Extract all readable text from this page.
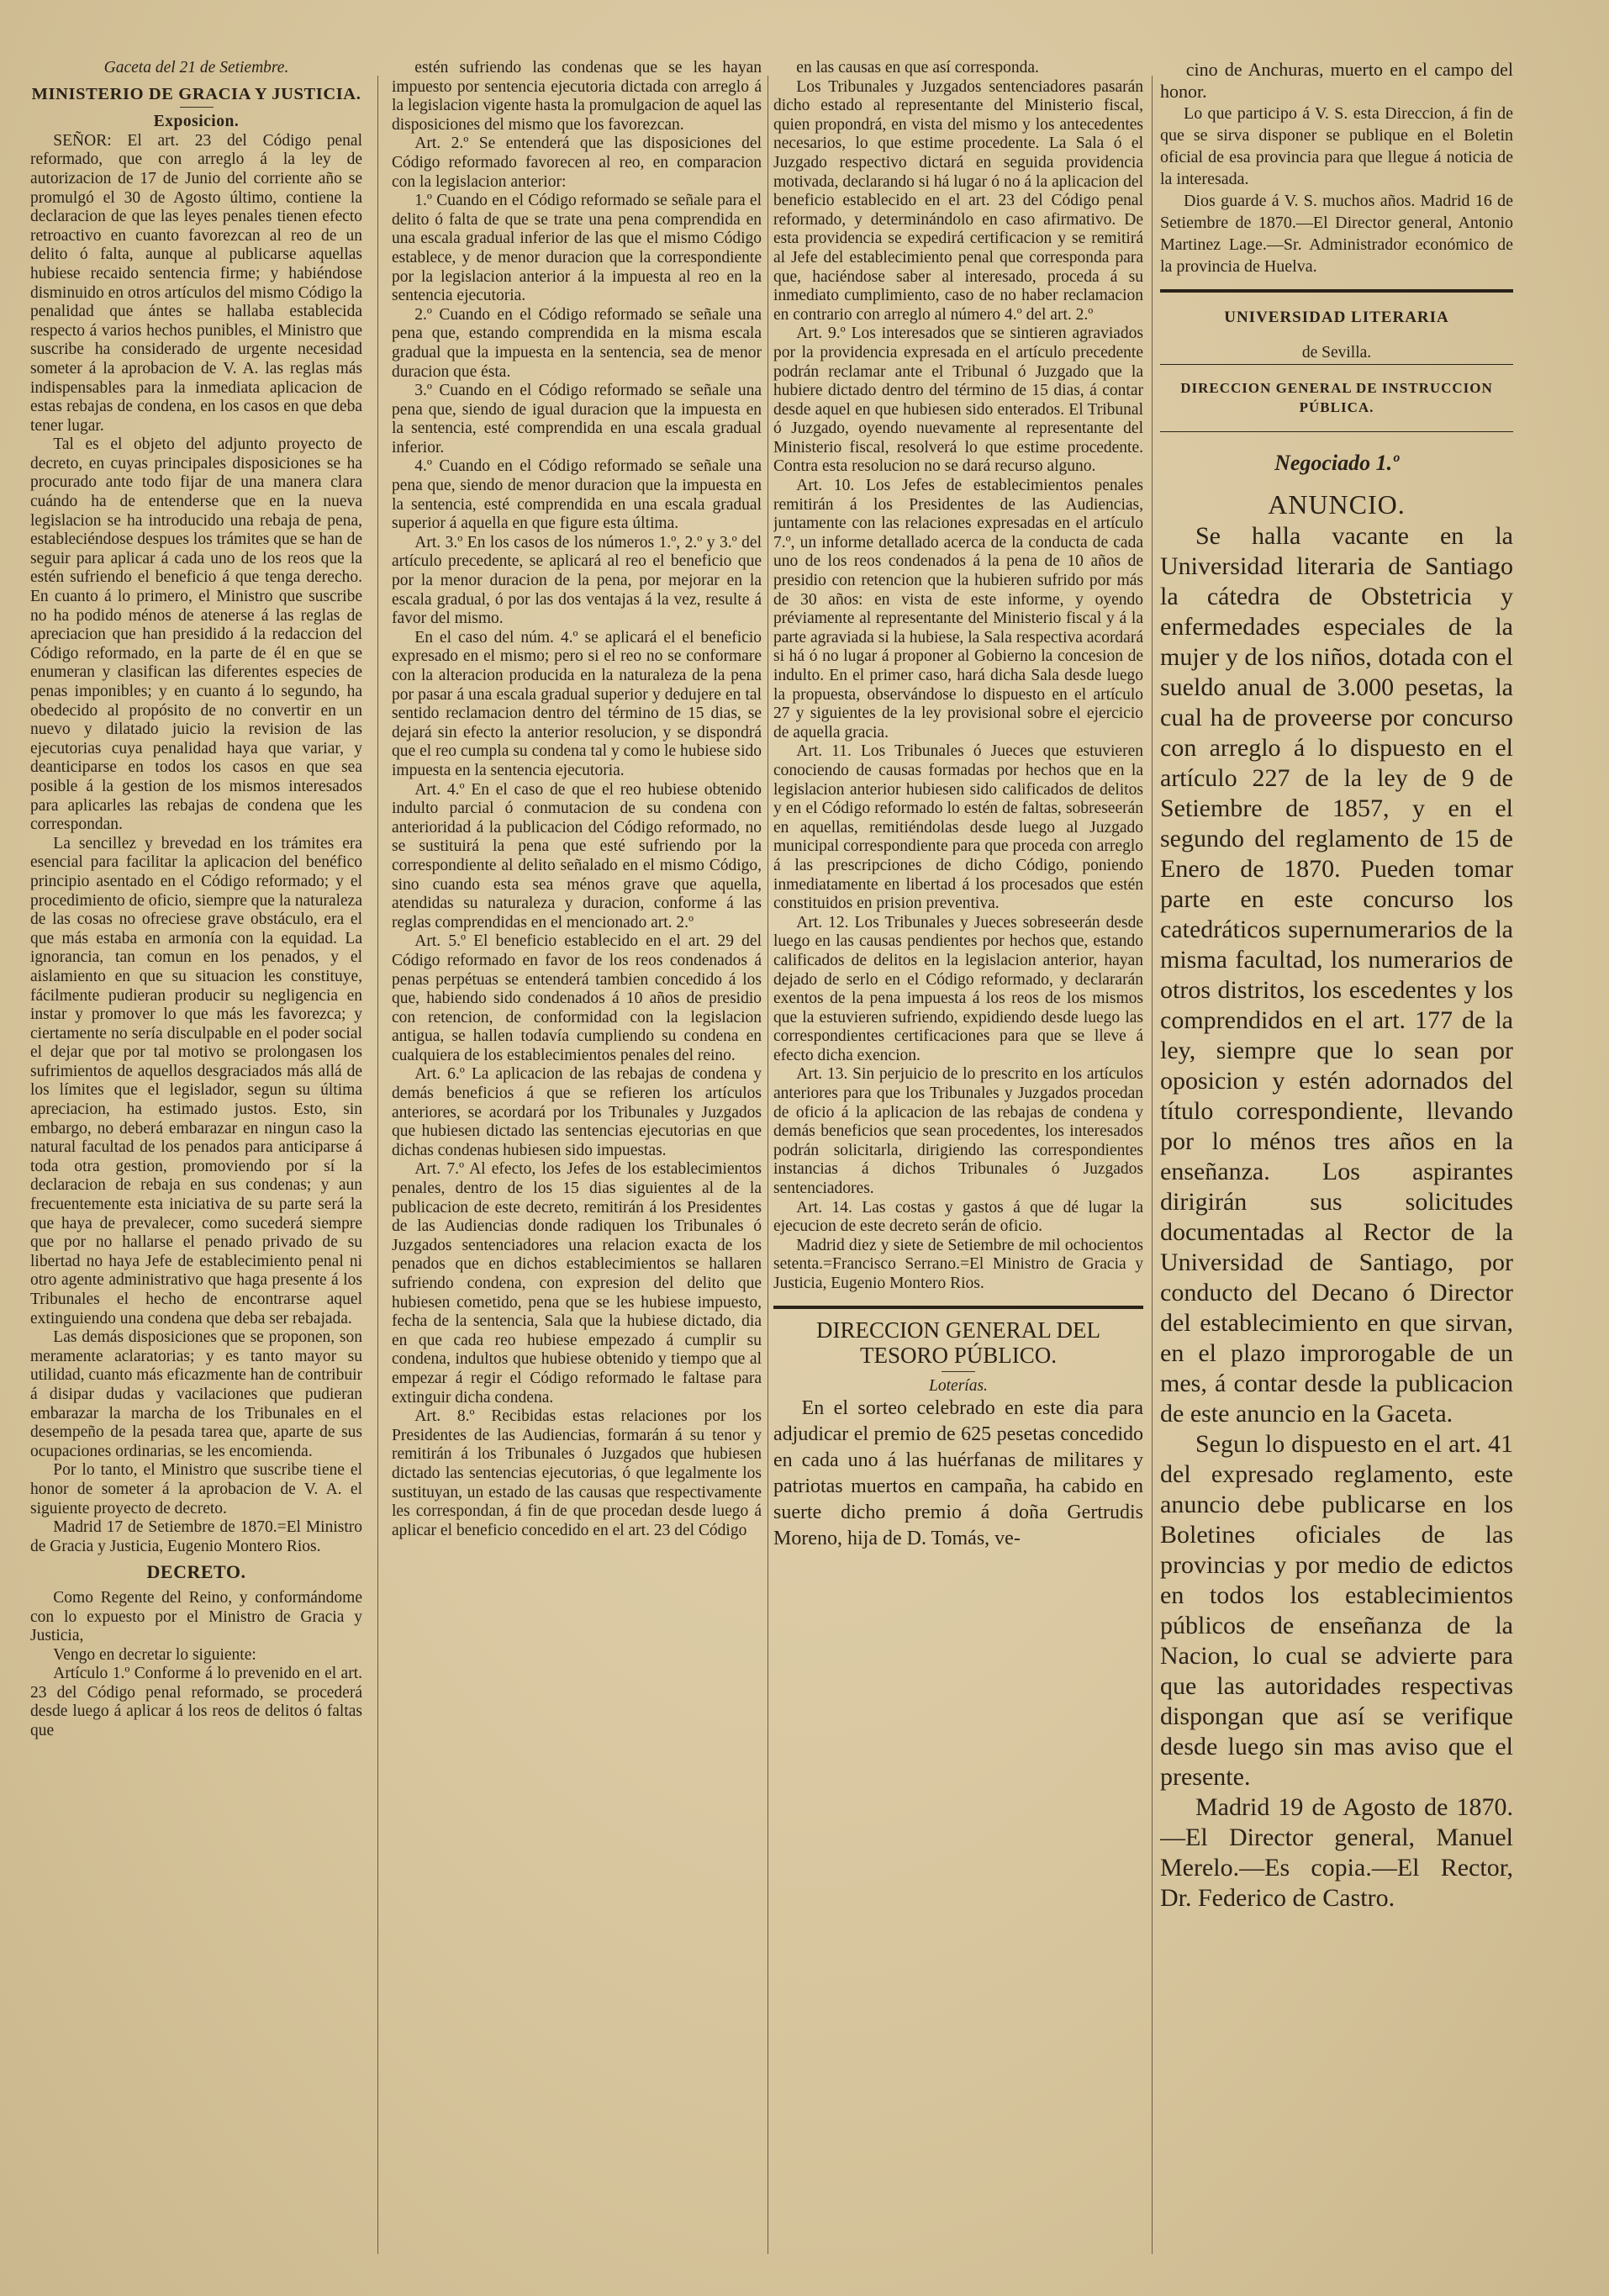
Gaceta del 21 de Setiembre.

MINISTERIO DE GRACIA Y JUSTICIA.

Exposicion.

SEÑOR: El art. 23 del Código penal reformado, que con arreglo á la ley de autorizacion de 17 de Junio del corriente año se promulgó el 30 de Agosto último, contiene la declaracion de que las leyes penales tienen efecto retroactivo en cuanto favorezcan al reo de un delito ó falta, aunque al publicarse aquellas hubiese recaido sentencia firme; y habiéndose disminuido en otros artículos del mismo Código la penalidad que ántes se hallaba establecida respecto á varios hechos punibles, el Ministro que suscribe ha considerado de urgente necesidad someter á la aprobacion de V. A. las reglas más indispensables para la inmediata aplicacion de estas rebajas de condena, en los casos en que deba tener lugar.

Tal es el objeto del adjunto proyecto de decreto, en cuyas principales disposiciones se ha procurado ante todo fijar de una manera clara cuándo ha de entenderse que en la nueva legislacion se ha introducido una rebaja de pena, estableciéndose despues los trámites que se han de seguir para aplicar á cada uno de los reos que la estén sufriendo el beneficio á que tenga derecho. En cuanto á lo primero, el Ministro que suscribe no ha podido ménos de atenerse á las reglas de apreciacion que han presidido á la redaccion del Código reformado, en la parte de él en que se enumeran y clasifican las diferentes especies de penas imponibles; y en cuanto á lo segundo, ha obedecido al propósito de no convertir en un nuevo y dilatado juicio la revision de las ejecutorias cuya penalidad haya que variar, y deanticiparse en todos los casos en que sea posible á la gestion de los mismos interesados para aplicarles las rebajas de condena que les correspondan.

La sencillez y brevedad en los trámites era esencial para facilitar la aplicacion del benéfico principio asentado en el Código reformado; y el procedimiento de oficio, siempre que la naturaleza de las cosas no ofreciese grave obstáculo, era el que más estaba en armonía con la equidad. La ignorancia, tan comun en los penados, y el aislamiento en que su situacion les constituye, fácilmente pudieran producir su negligencia en instar y promover lo que más les favorezca; y ciertamente no sería disculpable en el poder social el dejar que por tal motivo se prolongasen los sufrimientos de aquellos desgraciados más allá de los límites que el legislador, segun su última apreciacion, ha estimado justos. Esto, sin embargo, no deberá embarazar en ningun caso la natural facultad de los penados para anticiparse á toda otra gestion, promoviendo por sí la declaracion de rebaja en sus condenas; y aun frecuentemente esta iniciativa de su parte será la que haya de prevalecer, como sucederá siempre que por no hallarse el penado privado de su libertad no haya Jefe de establecimiento penal ni otro agente administrativo que haga presente á los Tribunales el hecho de encontrarse aquel extinguiendo una condena que deba ser rebajada.

Las demás disposiciones que se proponen, son meramente aclaratorias; y es tanto mayor su utilidad, cuanto más eficazmente han de contribuir á disipar dudas y vacilaciones que pudieran embarazar la marcha de los Tribunales en el desempeño de la pesada tarea que, aparte de sus ocupaciones ordinarias, se les encomienda.

Por lo tanto, el Ministro que suscribe tiene el honor de someter á la aprobacion de V. A. el siguiente proyecto de decreto.

Madrid 17 de Setiembre de 1870.=El Ministro de Gracia y Justicia, Eugenio Montero Rios.

DECRETO.

Como Regente del Reino, y conformándome con lo expuesto por el Ministro de Gracia y Justicia,

Vengo en decretar lo siguiente:

Artículo 1.º Conforme á lo prevenido en el art. 23 del Código penal reformado, se procederá desde luego á aplicar á los reos de delitos ó faltas que

estén sufriendo las condenas que se les hayan impuesto por sentencia ejecutoria dictada con arreglo á la legislacion vigente hasta la promulgacion de aquel las disposiciones del mismo que los favorezcan.

Art. 2.º Se entenderá que las disposiciones del Código reformado favorecen al reo, en comparacion con la legislacion anterior:

1.º Cuando en el Código reformado se señale para el delito ó falta de que se trate una pena comprendida en una escala gradual inferior de las que el mismo Código establece, y de menor duracion que la correspondiente por la legislacion anterior á la impuesta al reo en la sentencia ejecutoria.

2.º Cuando en el Código reformado se señale una pena que, estando comprendida en la misma escala gradual que la impuesta en la sentencia, sea de menor duracion que ésta.

3.º Cuando en el Código reformado se señale una pena que, siendo de igual duracion que la impuesta en la sentencia, esté comprendida en una escala gradual inferior.

4.º Cuando en el Código reformado se señale una pena que, siendo de menor duracion que la impuesta en la sentencia, esté comprendida en una escala gradual superior á aquella en que figure esta última.

Art. 3.º En los casos de los números 1.º, 2.º y 3.º del artículo precedente, se aplicará al reo el beneficio que por la menor duracion de la pena, por mejorar en la escala gradual, ó por las dos ventajas á la vez, resulte á favor del mismo.

En el caso del núm. 4.º se aplicará el el beneficio expresado en el mismo; pero si el reo no se conformare con la alteracion producida en la naturaleza de la pena por pasar á una escala gradual superior y dedujere en tal sentido reclamacion dentro del término de 15 dias, se dejará sin efecto la anterior resolucion, y se dispondrá que el reo cumpla su condena tal y como le hubiese sido impuesta en la sentencia ejecutoria.

Art. 4.º En el caso de que el reo hubiese obtenido indulto parcial ó conmutacion de su condena con anterioridad á la publicacion del Código reformado, no se sustituirá la pena que esté sufriendo por la correspondiente al delito señalado en el mismo Código, sino cuando esta sea ménos grave que aquella, atendidas su naturaleza y duracion, conforme á las reglas comprendidas en el mencionado art. 2.º

Art. 5.º El beneficio establecido en el art. 29 del Código reformado en favor de los reos condenados á penas perpétuas se entenderá tambien concedido á los que, habiendo sido condenados á 10 años de presidio con retencion, de conformidad con la legislacion antigua, se hallen todavía cumpliendo su condena en cualquiera de los establecimientos penales del reino.

Art. 6.º La aplicacion de las rebajas de condena y demás beneficios á que se refieren los artículos anteriores, se acordará por los Tribunales y Juzgados que hubiesen dictado las sentencias ejecutorias en que dichas condenas hubiesen sido impuestas.

Art. 7.º Al efecto, los Jefes de los establecimientos penales, dentro de los 15 dias siguientes al de la publicacion de este decreto, remitirán á los Presidentes de las Audiencias donde radiquen los Tribunales ó Juzgados sentenciadores una relacion exacta de los penados que en dichos establecimientos se hallaren sufriendo condena, con expresion del delito que hubiesen cometido, pena que se les hubiese impuesto, fecha de la sentencia, Sala que la hubiese dictado, dia en que cada reo hubiese empezado á cumplir su condena, indultos que hubiese obtenido y tiempo que al empezar á regir el Código reformado le faltase para extinguir dicha condena.

Art. 8.º Recibidas estas relaciones por los Presidentes de las Audiencias, formarán á su tenor y remitirán á los Tribunales ó Juzgados que hubiesen dictado las sentencias ejecutorias, ó que legalmente los sustituyan, un estado de las causas que respectivamente les correspondan, á fin de que procedan desde luego á aplicar el beneficio concedido en el art. 23 del Código

en las causas en que así corresponda.

Los Tribunales y Juzgados sentenciadores pasarán dicho estado al representante del Ministerio fiscal, quien propondrá, en vista del mismo y los antecedentes necesarios, lo que estime procedente. La Sala ó el Juzgado respectivo dictará en seguida providencia motivada, declarando si há lugar ó no á la aplicacion del beneficio establecido en el art. 23 del Código penal reformado, y determinándolo en caso afirmativo. De esta providencia se expedirá certificacion y se remitirá al Jefe del establecimiento penal que corresponda para que, haciéndose saber al interesado, proceda á su inmediato cumplimiento, caso de no haber reclamacion en contrario con arreglo al número 4.º del art. 2.º

Art. 9.º Los interesados que se sintieren agraviados por la providencia expresada en el artículo precedente podrán reclamar ante el Tribunal ó Juzgado que la hubiere dictado dentro del término de 15 dias, á contar desde aquel en que hubiesen sido enterados. El Tribunal ó Juzgado, oyendo nuevamente al representante del Ministerio fiscal, resolverá lo que estime procedente. Contra esta resolucion no se dará recurso alguno.

Art. 10. Los Jefes de establecimientos penales remitirán á los Presidentes de las Audiencias, juntamente con las relaciones expresadas en el artículo 7.º, un informe detallado acerca de la conducta de cada uno de los reos condenados á la pena de 10 años de presidio con retencion que la hubieren sufrido por más de 30 años: en vista de este informe, y oyendo préviamente al representante del Ministerio fiscal y á la parte agraviada si la hubiese, la Sala respectiva acordará si há ó no lugar á proponer al Gobierno la concesion de indulto. En el primer caso, hará dicha Sala desde luego la propuesta, observándose lo dispuesto en el artículo 27 y siguientes de la ley provisional sobre el ejercicio de aquella gracia.

Art. 11. Los Tribunales ó Jueces que estuvieren conociendo de causas formadas por hechos que en la legislacion anterior hubiesen sido calificados de delitos y en el Código reformado lo estén de faltas, sobreseerán en aquellas, remitiéndolas desde luego al Juzgado municipal correspondiente para que proceda con arreglo á las prescripciones de dicho Código, poniendo inmediatamente en libertad á los procesados que estén constituidos en prision preventiva.

Art. 12. Los Tribunales y Jueces sobreseerán desde luego en las causas pendientes por hechos que, estando calificados de delitos en la legislacion anterior, hayan dejado de serlo en el Código reformado, y declararán exentos de la pena impuesta á los reos de los mismos que la estuvieren sufriendo, expidiendo desde luego las correspondientes certificaciones para que se lleve á efecto dicha exencion.

Art. 13. Sin perjuicio de lo prescrito en los artículos anteriores para que los Tribunales y Juzgados procedan de oficio á la aplicacion de las rebajas de condena y demás beneficios que sean procedentes, los interesados podrán solicitarla, dirigiendo las correspondientes instancias á dichos Tribunales ó Juzgados sentenciadores.

Art. 14. Las costas y gastos á que dé lugar la ejecucion de este decreto serán de oficio.

Madrid diez y siete de Setiembre de mil ochocientos setenta.=Francisco Serrano.=El Ministro de Gracia y Justicia, Eugenio Montero Rios.

DIRECCION GENERAL DEL TESORO PÚBLICO.

Loterías.

En el sorteo celebrado en este dia para adjudicar el premio de 625 pesetas concedido en cada uno á las huérfanas de militares y patriotas muertos en campaña, ha cabido en suerte dicho premio á doña Gertrudis Moreno, hija de D. Tomás, ve-

cino de Anchuras, muerto en el campo del honor.

Lo que participo á V. S. esta Direccion, á fin de que se sirva disponer se publique en el Boletin oficial de esa provincia para que llegue á noticia de la interesada.

Dios guarde á V. S. muchos años. Madrid 16 de Setiembre de 1870.—El Director general, Antonio Martinez Lage.—Sr. Administrador económico de la provincia de Huelva.

UNIVERSIDAD LITERARIA

de Sevilla.

DIRECCION GENERAL DE INSTRUCCION PÚBLICA.

Negociado 1.º

ANUNCIO.

Se halla vacante en la Universidad literaria de Santiago la cátedra de Obstetricia y enfermedades especiales de la mujer y de los niños, dotada con el sueldo anual de 3.000 pesetas, la cual ha de proveerse por concurso con arreglo á lo dispuesto en el artículo 227 de la ley de 9 de Setiembre de 1857, y en el segundo del reglamento de 15 de Enero de 1870. Pueden tomar parte en este concurso los catedráticos supernumerarios de la misma facultad, los numerarios de otros distritos, los escedentes y los comprendidos en el art. 177 de la ley, siempre que lo sean por oposicion y estén adornados del título correspondiente, llevando por lo ménos tres años en la enseñanza. Los aspirantes dirigirán sus solicitudes documentadas al Rector de la Universidad de Santiago, por conducto del Decano ó Director del establecimiento en que sirvan, en el plazo improrogable de un mes, á contar desde la publicacion de este anuncio en la Gaceta.

Segun lo dispuesto en el art. 41 del expresado reglamento, este anuncio debe publicarse en los Boletines oficiales de las provincias y por medio de edictos en todos los establecimientos públicos de enseñanza de la Nacion, lo cual se advierte para que las autoridades respectivas dispongan que así se verifique desde luego sin mas aviso que el presente.

Madrid 19 de Agosto de 1870.—El Director general, Manuel Merelo.—Es copia.—El Rector, Dr. Federico de Castro.
